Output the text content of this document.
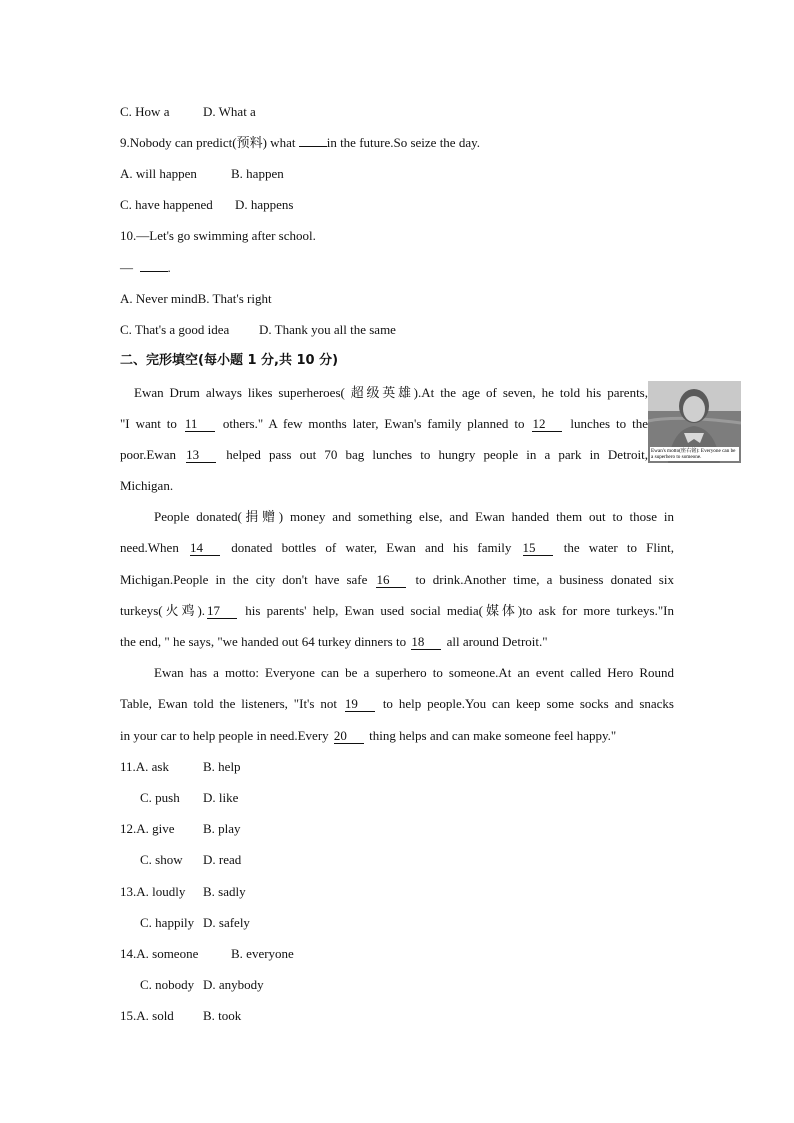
C. How a	D. What a
9.Nobody can predict(预料) what in the future.So seize the day.
A. will happen	B. happen
C. have happened D. happens
10.—Let's go swimming after school.
—	.
A. Never mindB. That's right
C. That's a good idea D. Thank you all the same
二、完形填空(每小题 1 分,共 10 分)
Ewan Drum always likes superheroes( 超级英雄).At the age of seven, he told his parents,
"I want to 11 others." A few months later, Ewan's family planned to 12 lunches to the
poor.Ewan 13 helped pass out 70 bag lunches to hungry people in a park in Detroit,
Michigan.
Ewan's motto(座右铭): Everyone can be a superhero to someone.
People donated(捐赠) money and something else, and Ewan handed them out to those in
need.When 14 donated bottles of water, Ewan and his family 15 the water to Flint,
Michigan.People in the city don't have safe 16 to drink.Another time, a business donated six
turkeys(火鸡). 17 his parents' help, Ewan used social media(媒体)to ask for more turkeys."In
the end, " he says, "we handed out 64 turkey dinners to 18 all around Detroit."
Ewan has a motto: Everyone can be a superhero to someone.At an event called Hero Round
Table, Ewan told the listeners, "It's not 19 to help people.You can keep some socks and snacks
in your car to help people in need.Every 20 thing helps and can make someone feel happy."
11.A. ask	B. help
C. push D. like
12.A. give B. play
C. show D. read
13.A. loudly B. sadly
C. happily D. safely
14.A. someone	B. everyone
C. nobody D. anybody
15.A. sold B. took
